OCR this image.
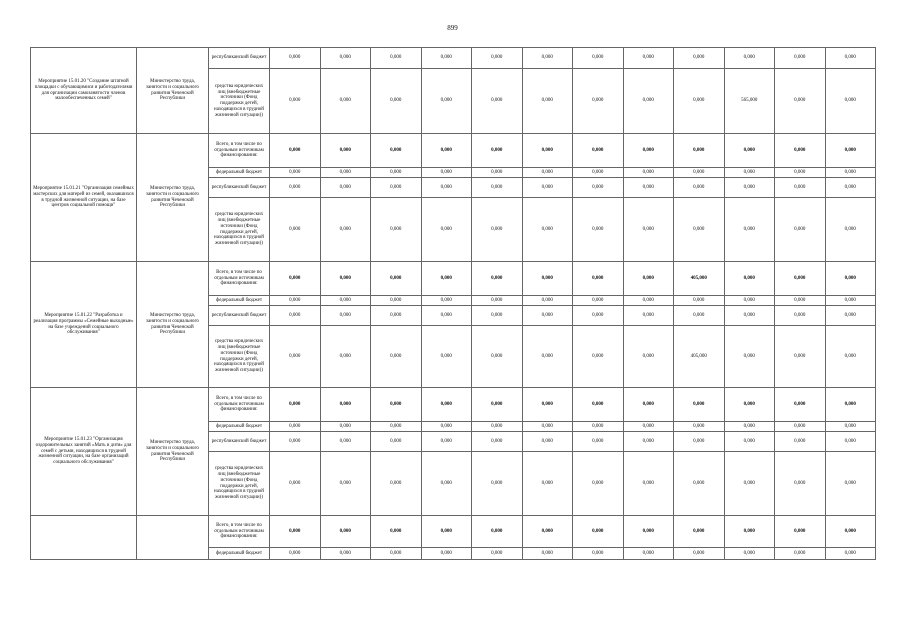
899
Мероприятие 15.01.20 "Создание штатной площадки с обучающимися и работодателями для организации самозанятости членов малообеспеченных семей"	Министерство труда, занятости и социального развития Чеченской Республики	республиканский бюджет	0,000	0,000	0,000	0,000	0,000	0,000	0,000	0,000	0,000	0,000	0,000	0,000
		средства юридических лиц (внебюджетные источники (Фонд поддержки детей, находящихся в трудной жизненной ситуации))	0,000	0,000	0,000	0,000	0,000	0,000	0,000	0,000	0,000	565,000	0,000	0,000
Мероприятие 15.01.21 "Организация семейных мастерских для матерей из семей, оказавшихся в трудной жизненной ситуации, на базе центров социальной помощи"	Министерство труда, занятости и социального развития Чеченской Республики	Всего, в том числе по отдельным источникам финансирования:	0,000	0,000	0,000	0,000	0,000	0,000	0,000	0,000	0,000	0,000	0,000	0,000
		федеральный бюджет	0,000	0,000	0,000	0,000	0,000	0,000	0,000	0,000	0,000	0,000	0,000	0,000
		республиканский бюджет	0,000	0,000	0,000	0,000	0,000	0,000	0,000	0,000	0,000	0,000	0,000	0,000
		средства юридических лиц (внебюджетные источники (Фонд поддержки детей, находящихся в трудной жизненной ситуации))	0,000	0,000	0,000	0,000	0,000	0,000	0,000	0,000	0,000	0,000	0,000	0,000
Мероприятие 15.01.22 "Разработка и реализация программы «Семейные выходные» на базе учреждений социального обслуживания"	Министерство труда, занятости и социального развития Чеченской Республики	Всего, в том числе по отдельным источникам финансирования:	0,000	0,000	0,000	0,000	0,000	0,000	0,000	0,000	405,000	0,000	0,000	0,000
		федеральный бюджет	0,000	0,000	0,000	0,000	0,000	0,000	0,000	0,000	0,000	0,000	0,000	0,000
		республиканский бюджет	0,000	0,000	0,000	0,000	0,000	0,000	0,000	0,000	0,000	0,000	0,000	0,000
		средства юридических лиц (внебюджетные источники (Фонд поддержки детей, находящихся в трудной жизненной ситуации))	0,000	0,000	0,000	0,000	0,000	0,000	0,000	0,000	405,000	0,000	0,000	0,000
Мероприятие 15.01.23 "Организация оздоровительных занятий «Мать и дитя» для семей с детьми, находящихся в трудной жизненной ситуации, на базе организаций социального обслуживания"	Министерство труда, занятости и социального развития Чеченской Республики	Всего, в том числе по отдельным источникам финансирования:	0,000	0,000	0,000	0,000	0,000	0,000	0,000	0,000	0,000	0,000	0,000	0,000
		федеральный бюджет	0,000	0,000	0,000	0,000	0,000	0,000	0,000	0,000	0,000	0,000	0,000	0,000
		республиканский бюджет	0,000	0,000	0,000	0,000	0,000	0,000	0,000	0,000	0,000	0,000	0,000	0,000
		средства юридических лиц (внебюджетные источники (Фонд поддержки детей, находящихся в трудной жизненной ситуации))	0,000	0,000	0,000	0,000	0,000	0,000	0,000	0,000	0,000	0,000	0,000	0,000
		Всего, в том числе по отдельным источникам финансирования:	0,000	0,000	0,000	0,000	0,000	0,000	0,000	0,000	0,000	0,000	0,000	0,000
		федеральный бюджет	0,000	0,000	0,000	0,000	0,000	0,000	0,000	0,000	0,000	0,000	0,000	0,000
